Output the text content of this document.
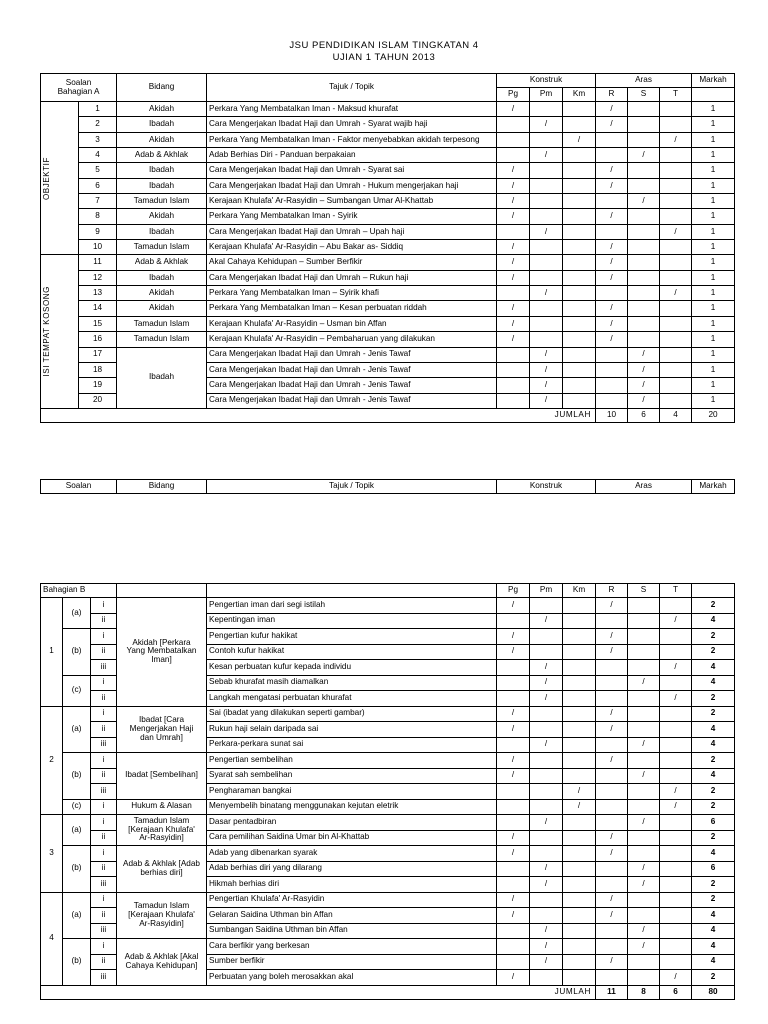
JSU PENDIDIKAN ISLAM TINGKATAN 4
UJIAN 1 TAHUN 2013
Soalan
Bahagian A		Bidang	Tajuk / Topik	Konstruk			Aras			Markah
				Pg	Pm	Km	R	S	T	

OBJEKTIF	1	Akidah	Perkara Yang Membatalkan Iman - Maksud khurafat	/			/			1
	2	Ibadah	Cara Mengerjakan Ibadat Haji dan Umrah - Syarat wajib haji		/		/			1
	3	Akidah	Perkara Yang Membatalkan Iman - Faktor menyebabkan akidah terpesong			/			/	1
	4	Adab & Akhlak	Adab Berhias Diri - Panduan berpakaian		/			/		1
	5	Ibadah	Cara Mengerjakan Ibadat Haji dan Umrah - Syarat sai	/			/			1
	6	Ibadah	Cara Mengerjakan Ibadat Haji dan Umrah - Hukum mengerjakan haji	/			/			1
	7	Tamadun Islam	Kerajaan Khulafa' Ar-Rasyidin – Sumbangan Umar Al-Khattab	/				/		1
	8	Akidah	Perkara Yang Membatalkan Iman - Syirik	/			/			1
	9	Ibadah	Cara Mengerjakan Ibadat Haji dan Umrah – Upah haji		/				/	1
	10	Tamadun Islam	Kerajaan Khulafa' Ar-Rasyidin – Abu Bakar as- Siddiq	/			/			1

ISI TEMPAT KOSONG	11	Adab & Akhlak	Akal Cahaya Kehidupan – Sumber Berfikir	/			/			1
	12	Ibadah	Cara Mengerjakan Ibadat Haji dan Umrah – Rukun haji	/			/			1
	13	Akidah	Perkara Yang Membatalkan Iman – Syirik khafi		/				/	1
	14	Akidah	Perkara Yang Membatalkan Iman – Kesan perbuatan riddah	/			/			1
	15	Tamadun Islam	Kerajaan Khulafa' Ar-Rasyidin – Usman bin Affan	/			/			1
	16	Tamadun Islam	Kerajaan Khulafa' Ar-Rasyidin – Pembaharuan yang dilakukan	/			/			1
	17	Ibadah	Cara Mengerjakan Ibadat Haji dan Umrah - Jenis Tawaf		/			/		1
	18		Cara Mengerjakan Ibadat Haji dan Umrah - Jenis Tawaf		/			/		1
	19		Cara Mengerjakan Ibadat Haji dan Umrah - Jenis Tawaf		/			/		1
	20		Cara Mengerjakan Ibadat Haji dan Umrah - Jenis Tawaf		/			/		1
JUMLAH							10	6	4	20
Soalan	Bidang	Tajuk / Topik	Konstruk	Aras	Markah
Bahagian B					Pg	Pm	Km	R	S	T	
1	(a)	i	Akidah [Perkara Yang Membatalkan Iman]	Pengertian iman dari segi istilah	/			/			2
		ii		Kepentingan iman		/				/	4
	(b)	i		Pengertian kufur hakikat	/			/			2
		ii		Contoh kufur hakikat	/			/			2
		iii		Kesan perbuatan kufur kepada individu		/				/	4
	(c)	i		Sebab khurafat masih diamalkan		/			/		4
		ii		Langkah mengatasi perbuatan khurafat		/				/	2
2	(a)	i	Ibadat [Cara Mengerjakan Haji dan Umrah]	Sai (ibadat yang dilakukan seperti gambar)	/			/			2
		ii		Rukun haji selain daripada sai	/			/			4
		iii		Perkara-perkara sunat sai		/			/		4
	(b)	i	Ibadat [Sembelihan]	Pengertian sembelihan	/			/			2
		ii		Syarat sah sembelihan	/				/		4
		iii		Pengharaman bangkai			/			/	2
	(c)	i	Hukum & Alasan	Menyembelih binatang menggunakan kejutan eletrik			/			/	2
3	(a)	i	Tamadun Islam [Kerajaan Khulafa' Ar-Rasyidin]	Dasar pentadbiran		/			/		6
		ii		Cara pemilihan Saidina Umar bin Al-Khattab	/			/			2
	(b)	i	Adab & Akhlak [Adab berhias diri]	Adab yang dibenarkan syarak	/			/			4
		ii		Adab berhias diri yang dilarang		/			/		6
		iii		Hikmah berhias diri		/			/		2
4	(a)	i	Tamadun Islam [Kerajaan Khulafa' Ar-Rasyidin]	Pengertian Khulafa' Ar-Rasyidin	/			/			2
		ii		Gelaran Saidina Uthman bin Affan	/			/			4
		iii		Sumbangan Saidina Uthman bin Affan		/			/		4
	(b)	i	Adab & Akhlak [Akal Cahaya Kehidupan]	Cara berfikir yang berkesan		/			/		4
		ii		Sumber berfikir		/		/			4
		iii		Perbuatan yang boleh merosakkan akal	/					/	2
JUMLAH								11	8	6	80
